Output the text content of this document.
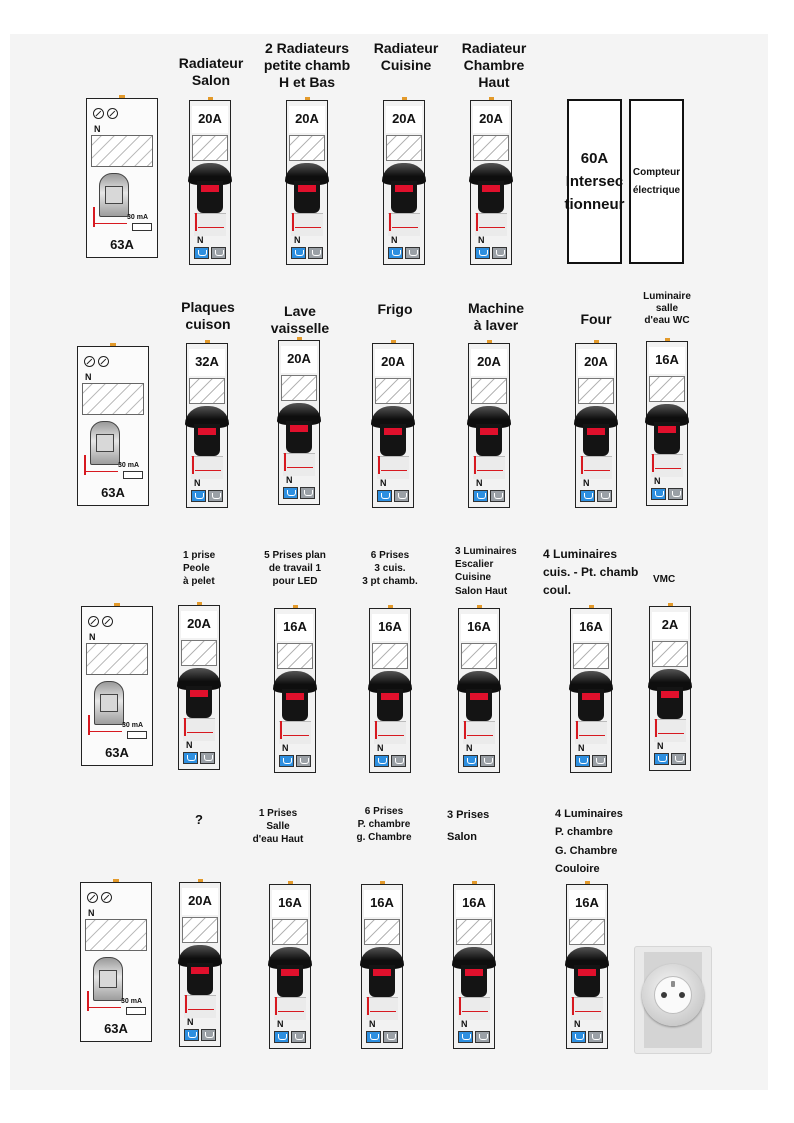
N
30 mA
63A
Radiateur
Salon
2 Radiateurs
petite chamb
H et Bas
Radiateur
Cuisine
Radiateur
Chambre
Haut
20A
N
20A
N
20A
N
20A
N
60A
Intersec
tionneur
Compteur
électrique
N
30 mA
63A
Plaques
cuison
Lave
vaisselle
Frigo	Machine
à laver	Four
Luminaire
salle
d'eau WC
32A
N
20A
N
20A
N
20A
N
20A
N
16A
N
N
30 mA
63A
1 prise
Peole
à pelet
5 Prises plan
de travail 1
pour LED
6 Prises
3 cuis.
3 pt chamb.
3 Luminaires
Escalier
Cuisine
Salon Haut
4 Luminaires
cuis. - Pt. chamb
coul.
VMC
20A
N
16A
N
16A
N
16A
N
16A
N
2A
N
N
30 mA
63A
?	1 Prises
Salle
d'eau Haut
6 Prises
P. chambre
g. Chambre
3 Prises
Salon
4 Luminaires
P. chambre
G. Chambre
Couloire
20A
N
16A
N
16A
N
16A
N
16A
N
